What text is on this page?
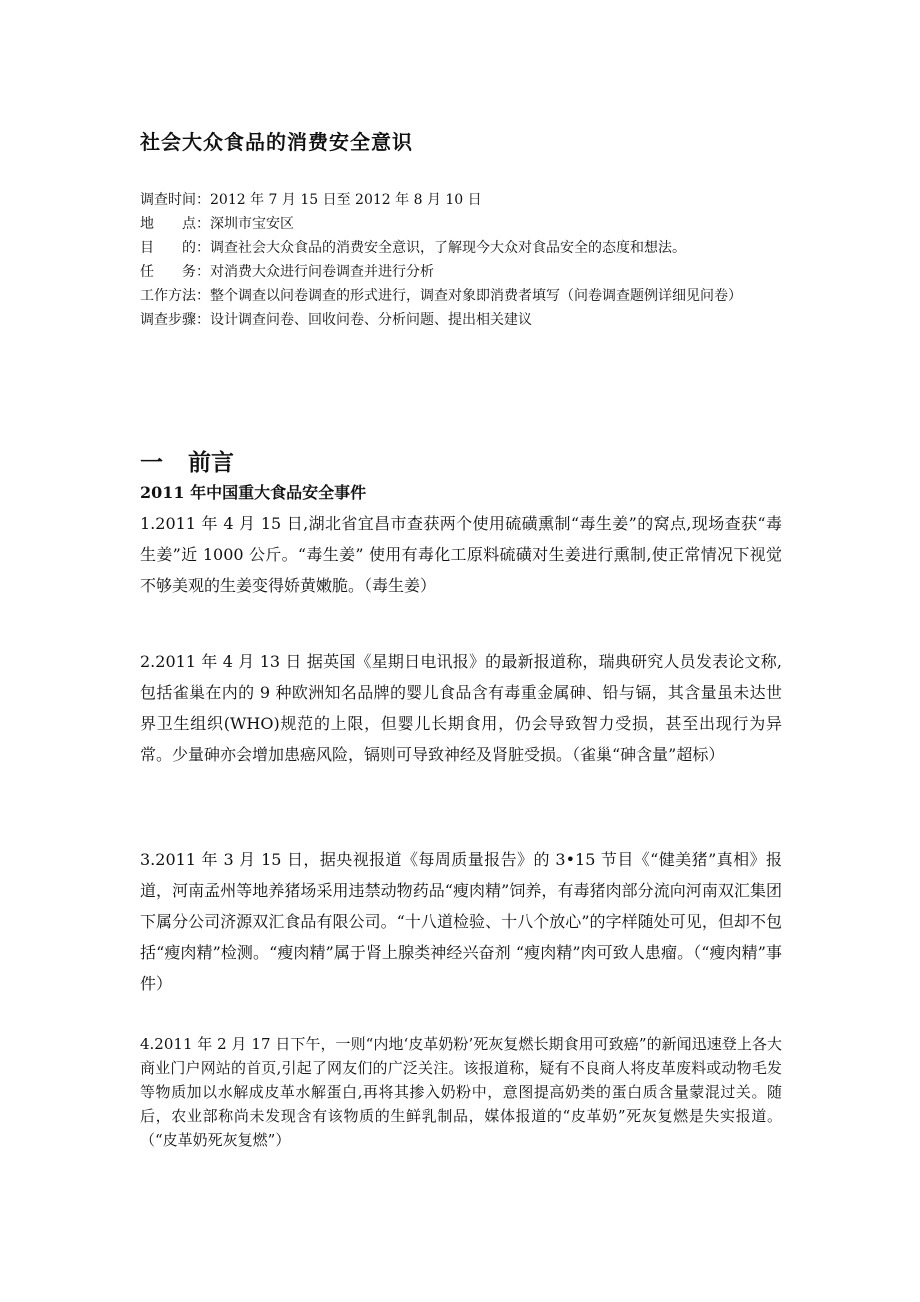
社会大众食品的消费安全意识
调查时间： 2012 年 7 月 15 日至 2012 年 8 月 10 日
地　　点： 深圳市宝安区
目　　的： 调查社会大众食品的消费安全意识，了解现今大众对食品安全的态度和想法。
任　　务： 对消费大众进行问卷调查并进行分析
工作方法：整个调查以问卷调查的形式进行，调查对象即消费者填写（问卷调查题例详细见问卷）
调查步骤： 设计调查问卷、回收问卷、分析问题、提出相关建议
一 前言
2011 年中国重大食品安全事件
1.2011 年 4 月 15 日,湖北省宜昌市查获两个使用硫磺熏制“毒生姜”的窝点,现场查获“毒生姜”近 1000 公斤。“毒生姜” 使用有毒化工原料硫磺对生姜进行熏制,使正常情况下视觉不够美观的生姜变得娇黄嫩脆。（毒生姜）
2.2011 年 4 月 13 日 据英国《星期日电讯报》的最新报道称，瑞典研究人员发表论文称,包括雀巢在内的 9 种欧洲知名品牌的婴儿食品含有毒重金属砷、铅与镉，其含量虽未达世界卫生组织(WHO)规范的上限，但婴儿长期食用，仍会导致智力受损，甚至出现行为异常。少量砷亦会增加患癌风险，镉则可导致神经及肾脏受损。（雀巢“砷含量”超标）
3.2011 年 3 月 15 日，据央视报道《每周质量报告》的 3•15 节目《“健美猪”真相》报道，河南孟州等地养猪场采用违禁动物药品“瘦肉精”饲养，有毒猪肉部分流向河南双汇集团下属分公司济源双汇食品有限公司。“十八道检验、十八个放心”的字样随处可见，但却不包括“瘦肉精”检测。“瘦肉精”属于肾上腺类神经兴奋剂 “瘦肉精”肉可致人患瘤。（“瘦肉精”事件）
4.2011 年 2 月 17 日下午，一则“内地‘皮革奶粉’死灰复燃长期食用可致癌”的新闻迅速登上各大商业门户网站的首页,引起了网友们的广泛关注。该报道称，疑有不良商人将皮革废料或动物毛发等物质加以水解成皮革水解蛋白,再将其掺入奶粉中，意图提高奶类的蛋白质含量蒙混过关。随后，农业部称尚未发现含有该物质的生鲜乳制品，媒体报道的“皮革奶”死灰复燃是失实报道。（“皮革奶死灰复燃”）
